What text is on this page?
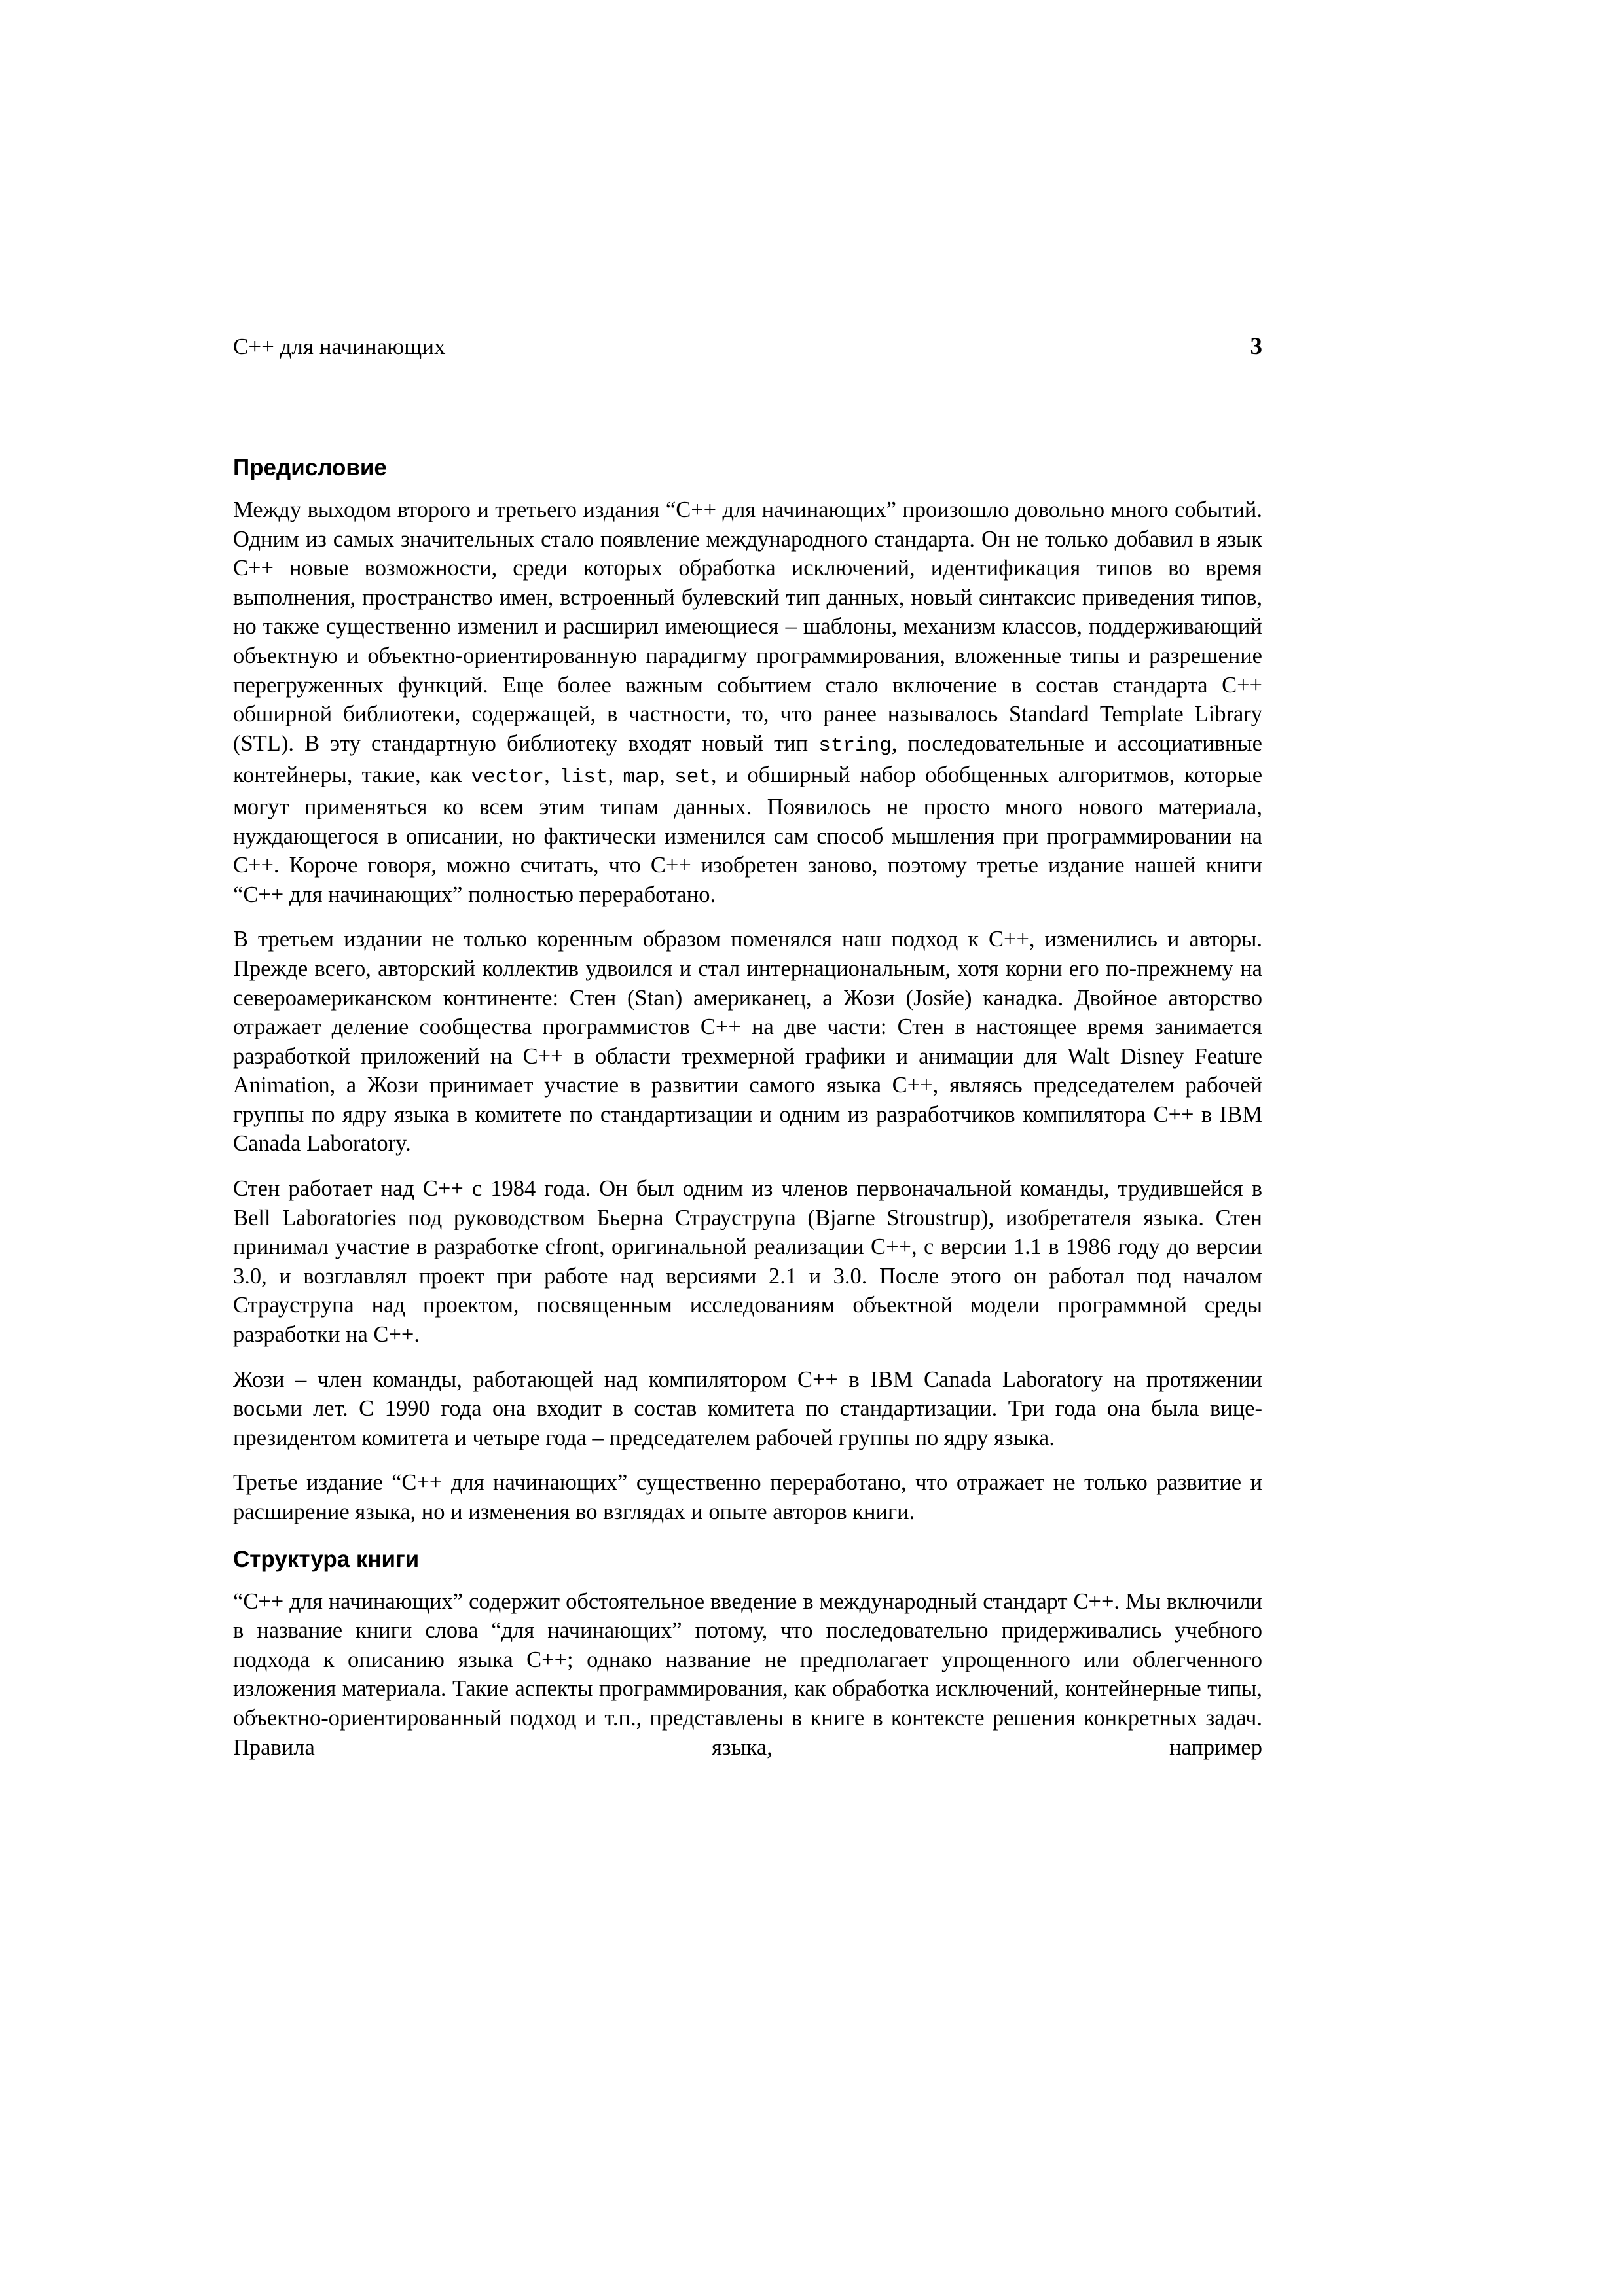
C++ для начинающих	3
Предисловие

Между выходом второго и третьего издания “C++ для начинающих” произошло довольно много событий. Одним из самых значительных стало появление международного стандарта. Он не только добавил в язык С++ новые возможности, среди которых обработка исключений, идентификация типов во время выполнения, пространство имен, встроенный булевский тип данных, новый синтаксис приведения типов, но также существенно изменил и расширил имеющиеся – шаблоны, механизм классов, поддерживающий объектную и объектно-ориентированную парадигму программирования, вложенные типы и разрешение перегруженных функций. Еще более важным событием стало включение в состав стандарта С++ обширной библиотеки, содержащей, в частности, то, что ранее называлось Standard Template Library (STL). В эту стандартную библиотеку входят новый тип string, последовательные и ассоциативные контейнеры, такие, как vector, list, map, set, и обширный набор обобщенных алгоритмов, которые могут применяться ко всем этим типам данных. Появилось не просто много нового материала, нуждающегося в описании, но фактически изменился сам способ мышления при программировании на С++. Короче говоря, можно считать, что С++ изобретен заново, поэтому третье издание нашей книги “C++ для начинающих” полностью переработано.

В третьем издании не только коренным образом поменялся наш подход к С++, изменились и авторы. Прежде всего, авторский коллектив удвоился и стал интернациональным, хотя корни его по-прежнему на североамериканском континенте: Стен (Stan) американец, а Жози (Josйe) канадка. Двойное авторство отражает деление сообщества программистов С++ на две части: Стен в настоящее время занимается разработкой приложений на C++ в области трехмерной графики и анимации для Walt Disney Feature Animation, а Жози принимает участие в развитии самого языка С++, являясь председателем рабочей группы по ядру языка в комитете по стандартизации и одним из разработчиков компилятора С++ в IBM Canada Laboratory.

Стен работает над С++ с 1984 года. Он был одним из членов первоначальной команды, трудившейся в Bell Laboratories под руководством Бьерна Страуструпа (Bjarne Stroustrup), изобретателя языка. Стен принимал участие в разработке cfront, оригинальной реализации С++, с версии 1.1 в 1986 году до версии 3.0, и возглавлял проект при работе над версиями 2.1 и 3.0. После этого он работал под началом Страуструпа над проектом, посвященным исследованиям объектной модели программной среды разработки на C++.

Жози – член команды, работающей над компилятором С++ в IBM Canada Laboratory на протяжении восьми лет. С 1990 года она входит в состав комитета по стандартизации. Три года она была вице-президентом комитета и четыре года – председателем рабочей группы по ядру языка.

Третье издание “C++ для начинающих” существенно переработано, что отражает не только развитие и расширение языка, но и изменения во взглядах и опыте авторов книги.

Структура книги

“C++ для начинающих” содержит обстоятельное введение в международный стандарт С++. Мы включили в название книги слова “для начинающих” потому, что последовательно придерживались учебного подхода к описанию языка С++; однако название не предполагает упрощенного или облегченного изложения материала. Такие аспекты программирования, как обработка исключений, контейнерные типы, объектно-ориентированный подход и т.п., представлены в книге в контексте решения конкретных задач. Правила языка, например
